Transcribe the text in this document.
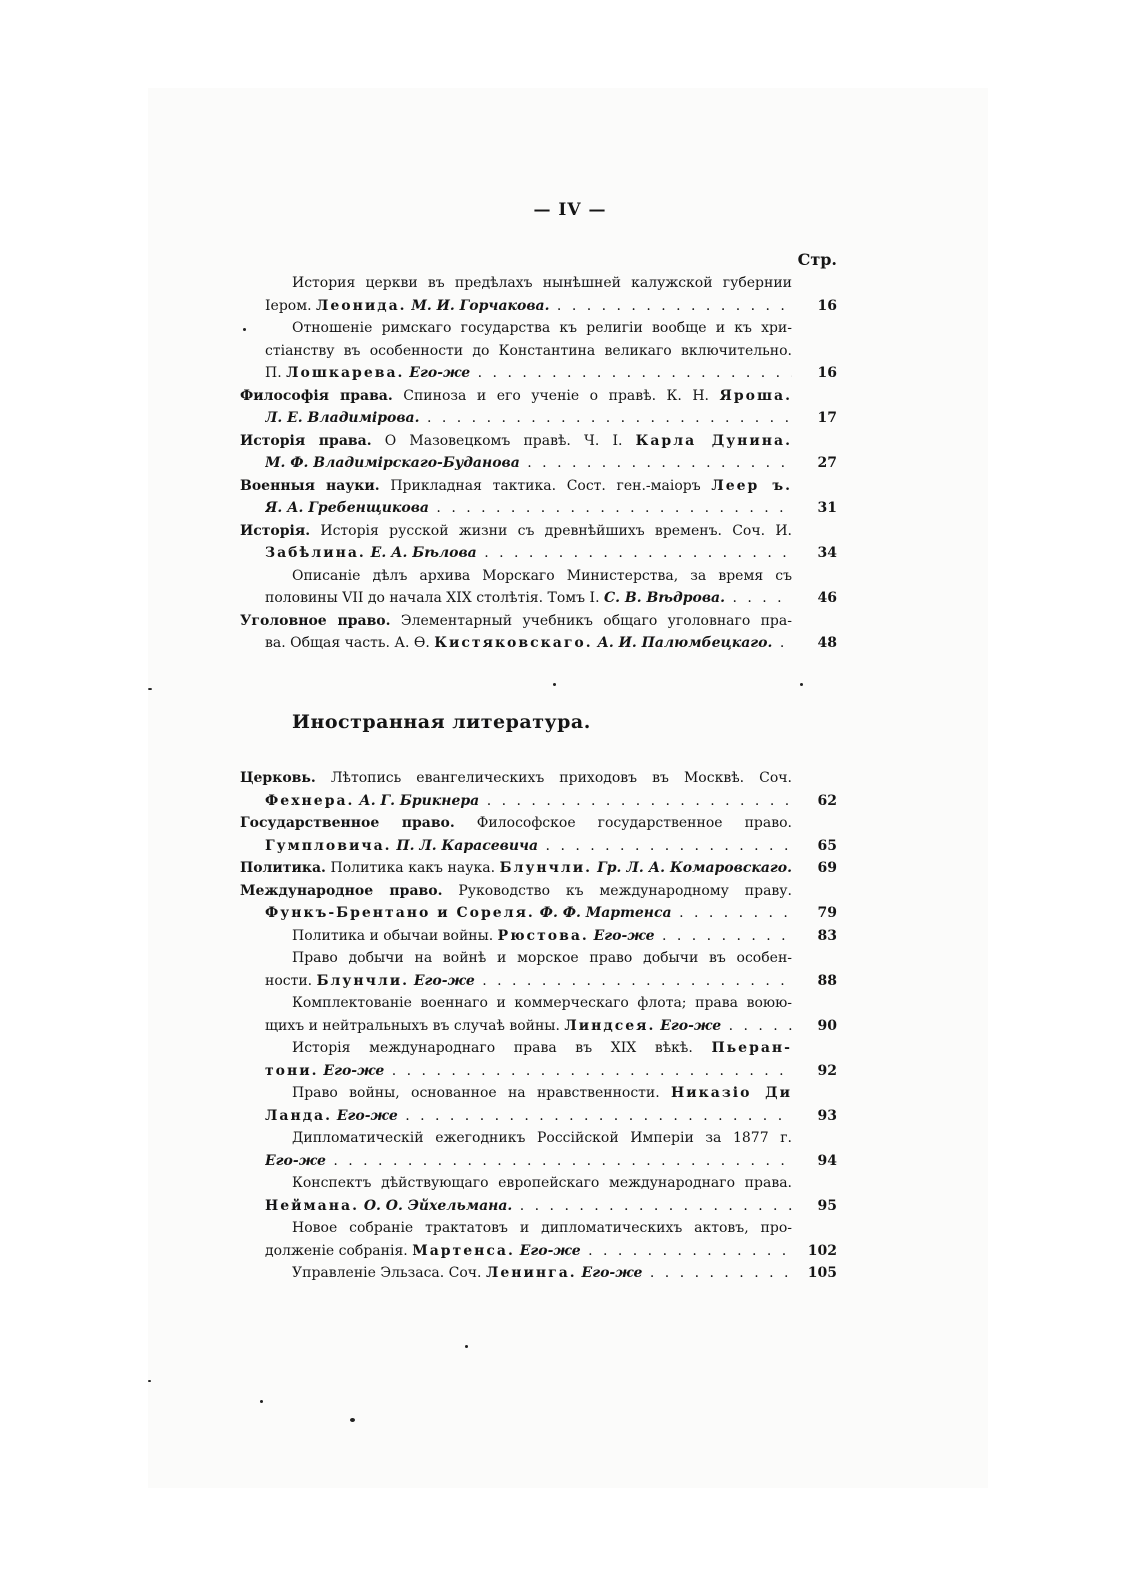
— IV —
Стр.
История церкви въ предѣлахъ нынѣшней калужской губернии
Ιером. Леонида. М. И. Горчакова. . . .	16
Отношеніе римскаго государства къ религіи вообще и къ хри-
стіанству въ особенности до Константина великаго включительно.
П. Лошкарева. Его-же . . .	16
Философія права. Спиноза и его ученіе о правѣ. К. Н. Яроша.
Л. Е. Владимірова. . . .	17
Исторія права. О Мазовецкомъ правѣ. Ч. I. Карла Дунина.
М. Ф. Владимірскаго-Буданова . . .	27
Военныя науки. Прикладная тактика. Сост. ген.-маіоръ Леер ъ.
Я. А. Гребенщикова . . .	31
Исторія. Исторія русской жизни съ древнѣйшихъ временъ. Соч. И.
Забѣлина. Е. А. Бѣлова . . .	34
Описаніе дѣлъ архива Морскаго Министерства, за время съ
половины VII до начала XIX столѣтія. Томъ I. С. В. Вѣдрова. . . .	46
Уголовное право. Элементарный учебникъ общаго уголовнаго пра-
ва. Общая часть. А. Ѳ. Кистяковскаго. А. И. Палюмбецкаго. . . .	48
Иностранная литература.
Церковь. Лѣтопись евангелическихъ приходовъ въ Москвѣ. Соч.
Фехнера. А. Г. Брикнера . . .	62
Государственное право. Философское государственное право.
Гумпловича. П. Л. Карасевича . . .	65
Политика. Политика какъ наука. Блунчли. Гр. Л. А. Комаровскаго.	69
Международное право. Руководство къ международному праву.
Функъ-Брентано и Сореля. Ф. Ф. Мартенса . . .	79
Политика и обычаи войны. Рюстова. Его-же . . .	83
Право добычи на войнѣ и морское право добычи въ особен-
ности. Блунчли. Его-же . . .	88
Комплектованіе военнаго и коммерческаго флота; права воюю-
щихъ и нейтральныхъ въ случаѣ войны. Линдсея. Его-же . . .	90
Исторія международнаго права въ XIX вѣкѣ. Пьеран-
тони. Его-же . . .	92
Право войны, основанное на нравственности. Никазіо Ди
Ланда. Его-же . . .	93
Дипломатическій ежегодникъ Россійской Имперіи за 1877 г.
Его-же . . .	94
Конспектъ дѣйствующаго европейскаго международнаго права.
Неймана. О. О. Эйхельмана. . . .	95
Новое собраніе трактатовъ и дипломатическихъ актовъ, про-
долженіе собранія. Мартенса. Его-же . . .	102
Управленіе Эльзаса. Соч. Ленинга. Его-же . . .	105
